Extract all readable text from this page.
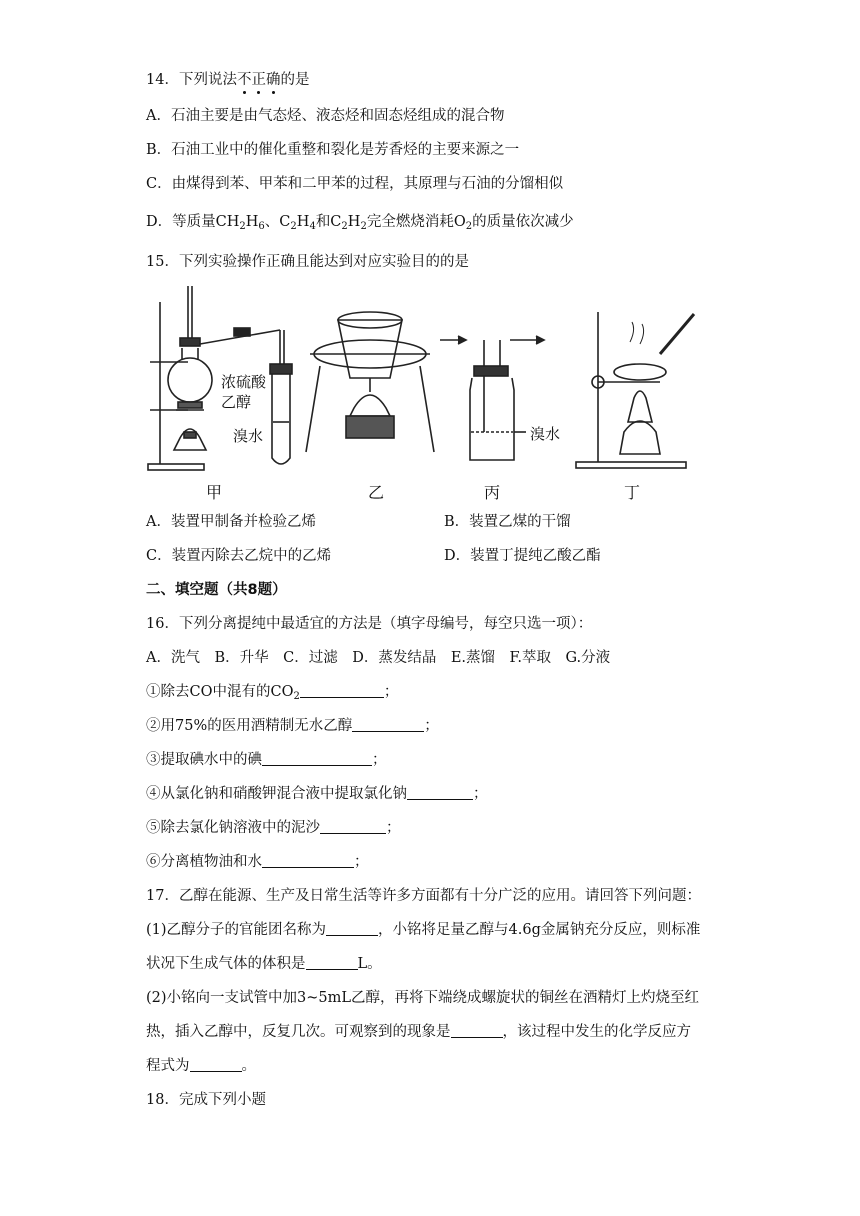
14．下列说法不正确的是
A．石油主要是由气态烃、液态烃和固态烃组成的混合物
B．石油工业中的催化重整和裂化是芳香烃的主要来源之一
C．由煤得到苯、甲苯和二甲苯的过程，其原理与石油的分馏相似
D．等质量$CH_2H_6$、$C_2H_4$和$C_2H_2$完全燃烧消耗$O_2$的质量依次减少
15．下列实验操作正确且能达到对应实验目的的是
浓硫酸
乙醇
溴水	溴水
甲	乙	丙	丁
A．装置甲制备并检验乙烯	B．装置乙煤的干馏
C．装置丙除去乙烷中的乙烯	D．装置丁提纯乙酸乙酯
二、填空题（共8题）
16．下列分离提纯中最适宜的方法是（填字母编号，每空只选一项）：
A．洗气　B．升华　C．过滤　D．蒸发结晶　E.蒸馏　F.萃取　G.分液
①除去CO中混有的$CO_2$	；
②用75%的医用酒精制无水乙醇	；
③提取碘水中的碘	；
④从氯化钠和硝酸钾混合液中提取氯化钠	；
⑤除去氯化钠溶液中的泥沙	；
⑥分离植物油和水	；
17．乙醇在能源、生产及日常生活等许多方面都有十分广泛的应用。请回答下列问题：
(1)乙醇分子的官能团名称为	，小铭将足量乙醇与4.6g金属钠充分反应，则标准
状况下生成气体的体积是	L。
(2)小铭向一支试管中加3~5mL乙醇，再将下端绕成螺旋状的铜丝在酒精灯上灼烧至红
热，插入乙醇中，反复几次。可观察到的现象是	，该过程中发生的化学反应方
程式为	。
18．完成下列小题
